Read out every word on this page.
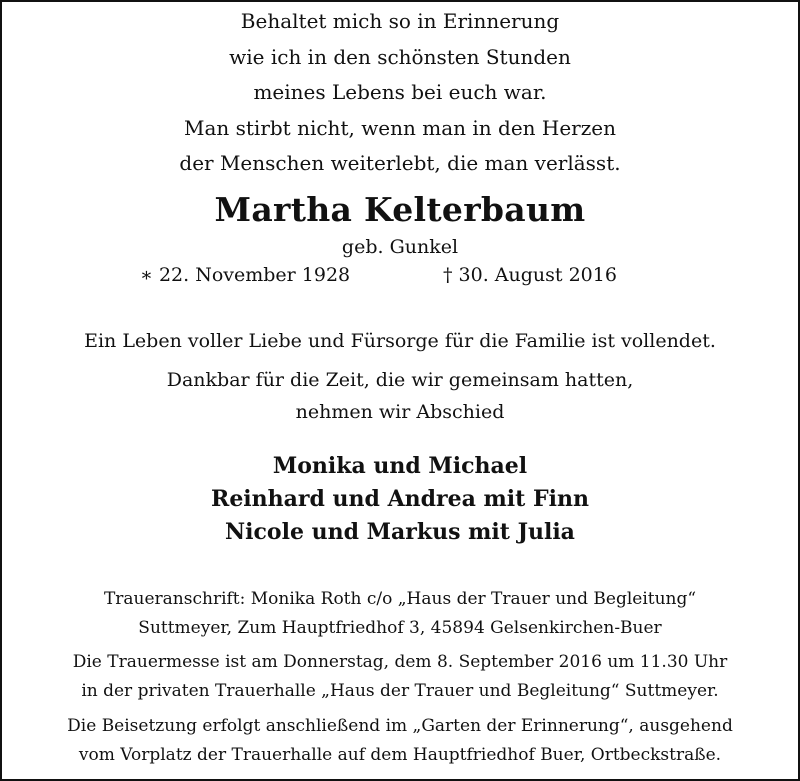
Behaltet mich so in Erinnerung
wie ich in den schönsten Stunden
meines Lebens bei euch war.
Man stirbt nicht, wenn man in den Herzen
der Menschen weiterlebt, die man verlässt.
Martha Kelterbaum
geb. Gunkel
∗ 22. November 1928	† 30. August 2016
Ein Leben voller Liebe und Fürsorge für die Familie ist vollendet.
Dankbar für die Zeit, die wir gemeinsam hatten,
nehmen wir Abschied
Monika und Michael
Reinhard und Andrea mit Finn
Nicole und Markus mit Julia
Traueranschrift: Monika Roth c/o „Haus der Trauer und Begleitung“
Suttmeyer, Zum Hauptfriedhof 3, 45894 Gelsenkirchen-Buer
Die Trauermesse ist am Donnerstag, dem 8. September 2016 um 11.30 Uhr
in der privaten Trauerhalle „Haus der Trauer und Begleitung“ Suttmeyer.
Die Beisetzung erfolgt anschließend im „Garten der Erinnerung“, ausgehend
vom Vorplatz der Trauerhalle auf dem Hauptfriedhof Buer, Ortbeckstraße.
